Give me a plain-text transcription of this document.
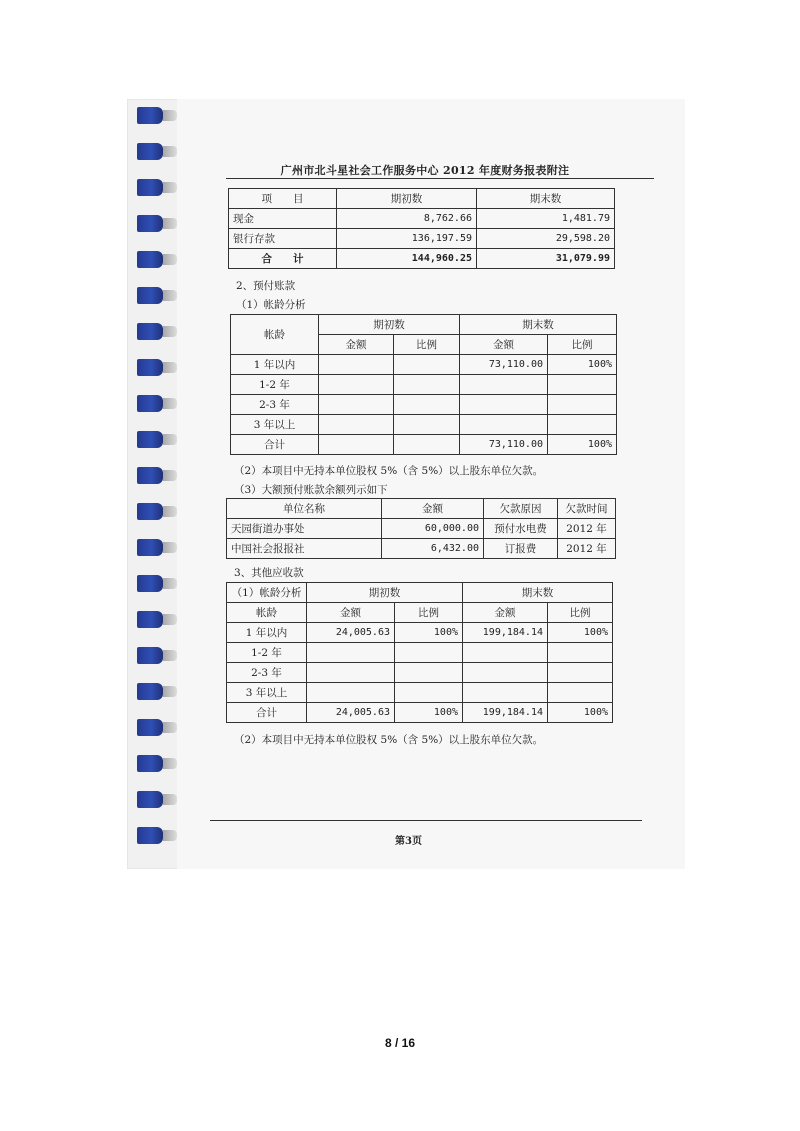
广州市北斗星社会工作服务中心 2012 年度财务报表附注
项　　目	期初数	期末数
现金	8,762.66	1,481.79
银行存款	136,197.59	29,598.20
合　　计	144,960.25	31,079.99
2、预付账款
（1）帐龄分析
帐龄	期初数		期末数	
	金额	比例	金额	比例
1 年以内			73,110.00	100%
1-2 年				
2-3 年				
3 年以上				
合计			73,110.00	100%
（2）本项目中无持本单位股权 5%（含 5%）以上股东单位欠款。
（3）大额预付账款余额列示如下
单位名称	金额	欠款原因	欠款时间
天园街道办事处	60,000.00	预付水电费	2012 年
中国社会报报社	6,432.00	订报费	2012 年
3、其他应收款
（1）帐龄分析	期初数		期末数	
帐龄	金额	比例	金额	比例
1 年以内	24,005.63	100%	199,184.14	100%
1-2 年				
2-3 年				
3 年以上				
合计	24,005.63	100%	199,184.14	100%
（2）本项目中无持本单位股权 5%（含 5%）以上股东单位欠款。
第3页
8 / 16
